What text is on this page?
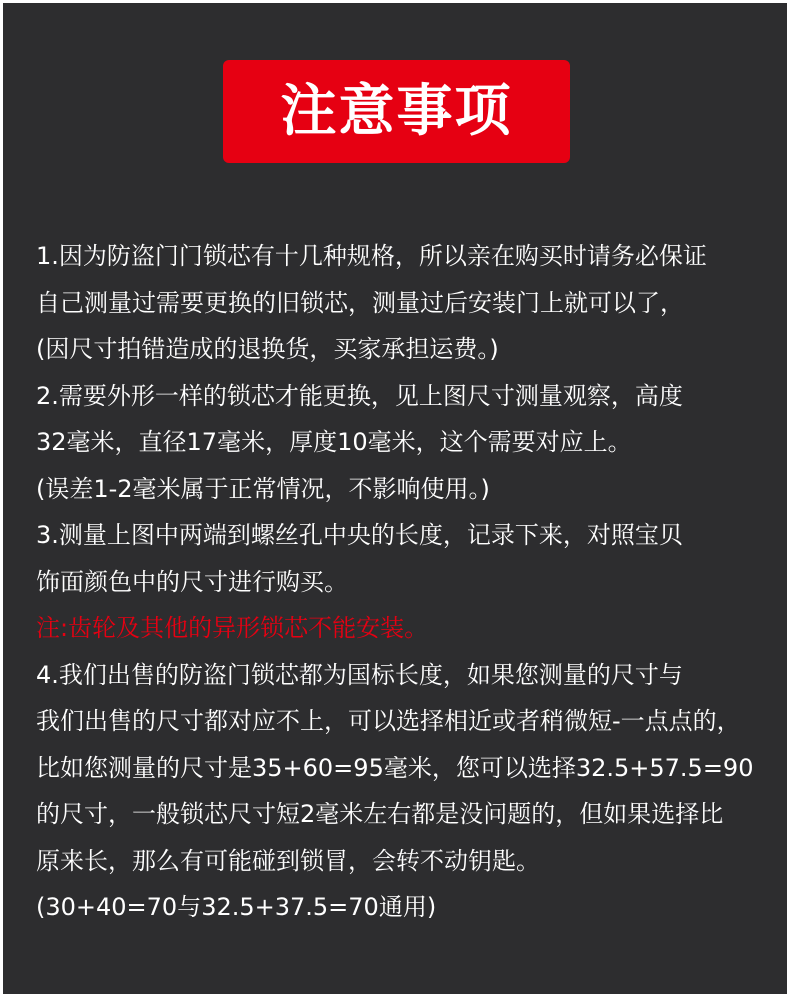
注意事项
1.因为防盗门门锁芯有十几种规格，所以亲在购买时请务必保证
自己测量过需要更换的旧锁芯，测量过后安装门上就可以了，
(因尺寸拍错造成的退换货，买家承担运费。)
2.需要外形一样的锁芯才能更换，见上图尺寸测量观察，高度
32毫米，直径17毫米，厚度10毫米，这个需要对应上。
(误差1-2毫米属于正常情况，不影响使用。)
3.测量上图中两端到螺丝孔中央的长度，记录下来，对照宝贝
饰面颜色中的尺寸进行购买。
注:齿轮及其他的异形锁芯不能安装。
4.我们出售的防盗门锁芯都为国标长度，如果您测量的尺寸与
我们出售的尺寸都对应不上，可以选择相近或者稍微短-一点点的，
比如您测量的尺寸是35+60=95毫米，您可以选择32.5+57.5=90
的尺寸，一般锁芯尺寸短2毫米左右都是没问题的，但如果选择比
原来长，那么有可能碰到锁冒，会转不动钥匙。
(30+40=70与32.5+37.5=70通用)
